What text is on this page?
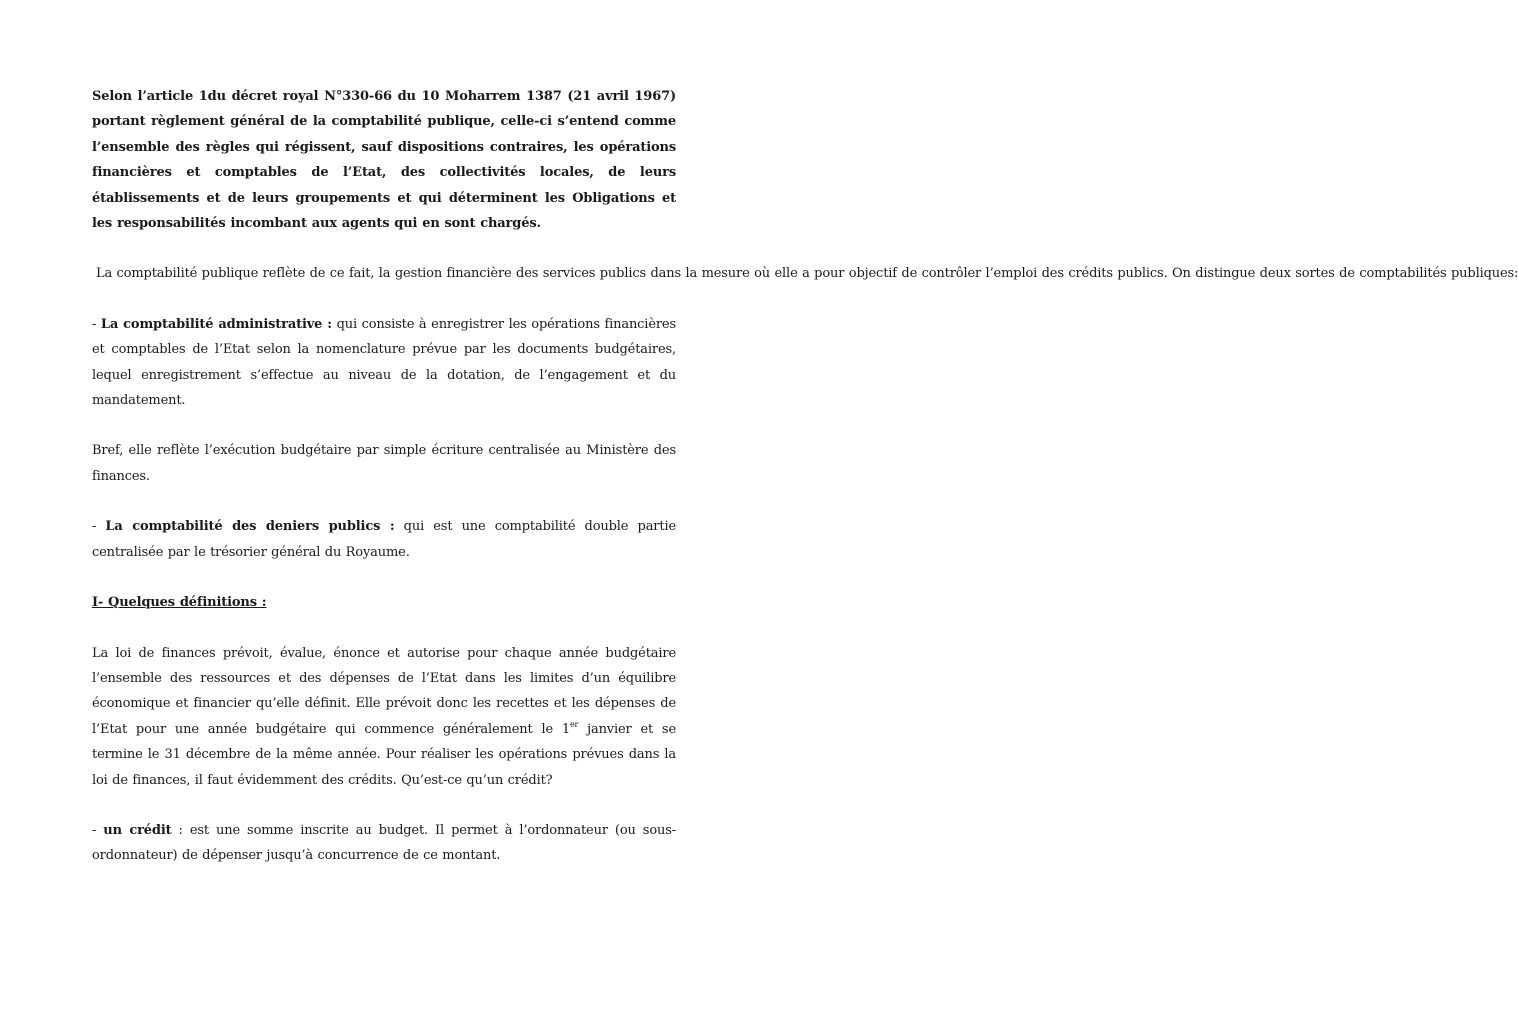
Selon l’article 1du décret royal N°330-66 du 10 Moharrem 1387 (21 avril 1967) portant règlement général de la comptabilité publique, celle-ci s’entend comme l’ensemble des règles qui régissent, sauf dispositions contraires, les opérations financières et comptables de l’Etat, des collectivités locales, de leurs établissements et de leurs groupements et qui déterminent les Obligations et les responsabilités incombant aux agents qui en sont chargés.

La comptabilité publique reflète de ce fait, la gestion financière des services publics dans la mesure où elle a pour objectif de contrôler l’emploi des crédits publics. On distingue deux sortes de comptabilités publiques:

- La comptabilité administrative : qui consiste à enregistrer les opérations financières et comptables de l’Etat selon la nomenclature prévue par les documents budgétaires, lequel enregistrement s’effectue au niveau de la dotation, de l’engagement et du mandatement.

Bref, elle reflète l’exécution budgétaire par simple écriture centralisée au Ministère des finances.

- La comptabilité des deniers publics : qui est une comptabilité double partie centralisée par le trésorier général du Royaume.

I- Quelques définitions :

La loi de finances prévoit, évalue, énonce et autorise pour chaque année budgétaire l’ensemble des ressources et des dépenses de l’Etat dans les limites d’un équilibre économique et financier qu’elle définit. Elle prévoit donc les recettes et les dépenses de l’Etat pour une année budgétaire qui commence généralement le 1er janvier et se termine le 31 décembre de la même année. Pour réaliser les opérations prévues dans la loi de finances, il faut évidemment des crédits. Qu’est-ce qu’un crédit?

- un crédit : est une somme inscrite au budget. Il permet à l’ordonnateur (ou sous-ordonnateur) de dépenser jusqu’à concurrence de ce montant.
